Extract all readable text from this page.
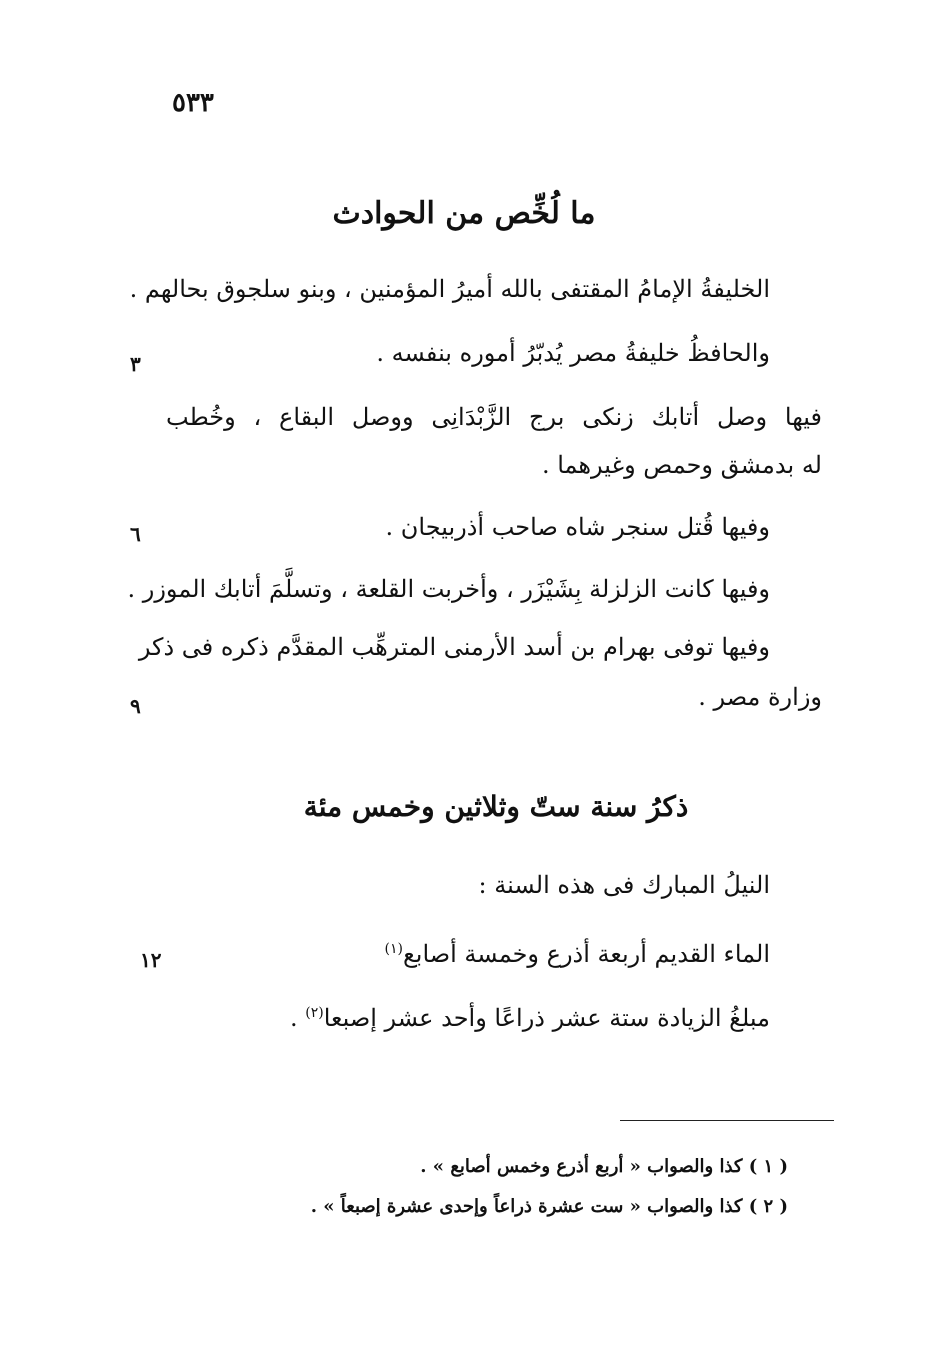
٥٣٣
ما لُخِّص من الحوادث
الخليفةُ الإمامُ المقتفى بالله أميرُ المؤمنين ، وبنو سلجوق بحالهم .
والحافظُ خليفةُ مصر يُدبّرُ أموره بنفسه .
فيها وصل أتابك زنكى برج الزَّبْدَانِى ووصل البقاع ، وخُطب
له بدمشق وحمص وغيرهما .
وفيها قُتل سنجر شاه صاحب أذربيجان .
وفيها كانت الزلزلة بِشَيْزَر ، وأخربت القلعة ، وتسلَّمَ أتابك الموزر .
وفيها توفى بهرام بن أسد الأرمنى المترهِّب المقدَّم ذكره فى ذكر
وزارة مصر .
ذكرُ سنة ستّ وثلاثين وخمس مئة
النيلُ المبارك فى هذه السنة :
الماء القديم أربعة أذرع وخمسة أصابع$^{(١)}$
مبلغُ الزيادة ستة عشر ذراعًا وأحد عشر إصبعا$^{(٢)}$ .
٣
٦
٩
١٢
( ١ ) كذا والصواب « أربع أذرع وخمس أصابع » .
( ٢ ) كذا والصواب « ست عشرة ذراعاً وإحدى عشرة إصبعاً » .
